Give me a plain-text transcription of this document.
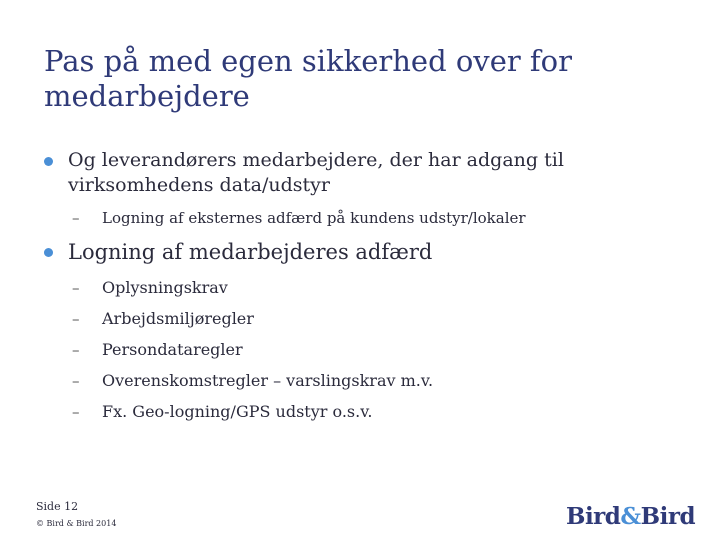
Pas på med egen sikkerhed over for medarbejdere
Og leverandørers medarbejdere, der har adgang til virksomhedens data/udstyr
–	Logning af eksternes adfærd på kundens udstyr/lokaler
Logning af medarbejderes adfærd
–	Oplysningskrav
–	Arbejdsmiljøregler
–	Persondataregler
–	Overenskomstregler – varslingskrav m.v.
–	Fx. Geo-logning/GPS udstyr o.s.v.
Side 12
© Bird & Bird 2014	Bird&Bird
